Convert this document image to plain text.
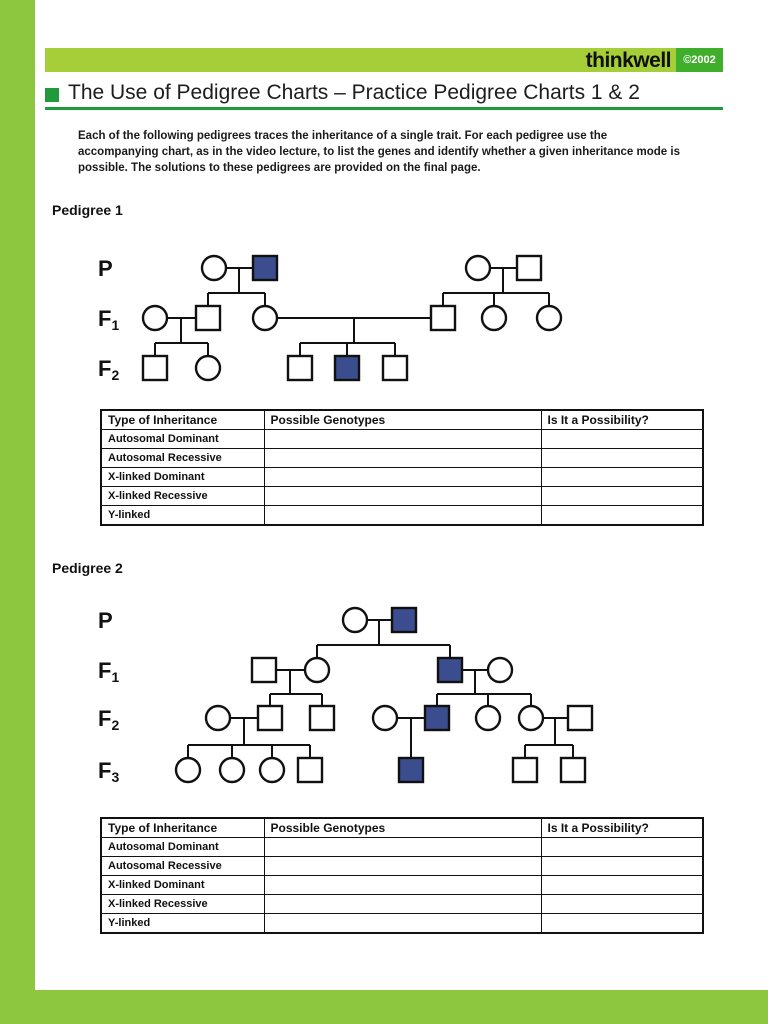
thinkwell	©2002
The Use of Pedigree Charts – Practice Pedigree Charts 1 & 2

Each of the following pedigrees traces the inheritance of a single trait. For each pedigree use the accompanying chart, as in the video lecture, to list the genes and identify whether a given inheritance mode is possible. The solutions to these pedigrees are provided on the final page.

Pedigree 1
P
F1
F2
Type of Inheritance	Possible Genotypes	Is It a Possibility?
Autosomal Dominant		
Autosomal Recessive		
X-linked Dominant		
X-linked Recessive		
Y-linked		
Pedigree 2
P
F1
F2
F3
Type of Inheritance	Possible Genotypes	Is It a Possibility?
Autosomal Dominant		
Autosomal Recessive		
X-linked Dominant		
X-linked Recessive		
Y-linked		
